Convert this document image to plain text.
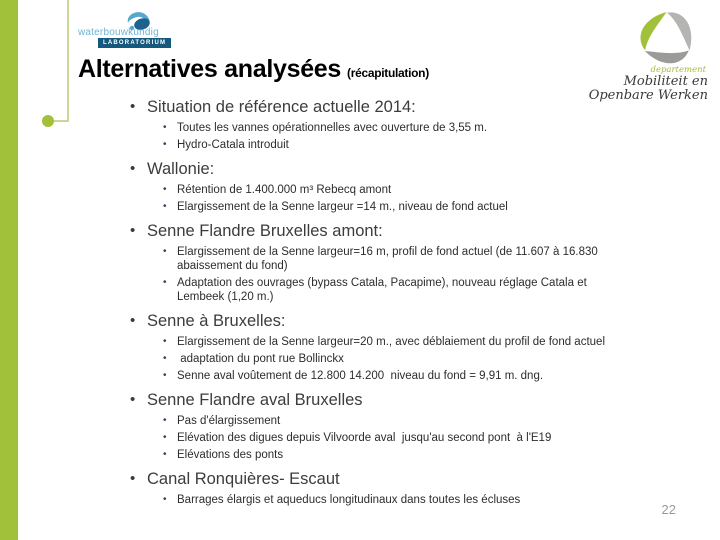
waterbouwkundig
LABORATORIUM
departement
Mobiliteit en
Openbare Werken
Alternatives analysées (récapitulation)
• Situation de référence actuelle 2014:
• Toutes les vannes opérationnelles avec ouverture de 3,55 m.
• Hydro-Catala introduit
• Wallonie:
• Rétention de 1.400.000 m³ Rebecq amont
• Elargissement de la Senne largeur =14 m., niveau de fond actuel
• Senne Flandre Bruxelles amont:
• Elargissement de la Senne largeur=16 m, profil de fond actuel (de 11.607 à 16.830 abaissement du fond)
• Adaptation des ouvrages (bypass Catala, Pacapime), nouveau réglage Catala et Lembeek (1,20 m.)
• Senne à Bruxelles:
• Elargissement de la Senne largeur=20 m., avec déblaiement du profil de fond actuel
• adaptation du pont rue Bollinckx
• Senne aval voûtement de 12.800 14.200  niveau du fond = 9,91 m. dng.
• Senne Flandre aval Bruxelles
• Pas d'élargissement
• Elévation des digues depuis Vilvoorde aval  jusqu'au second pont  à l'E19
• Elévations des ponts
• Canal Ronquières- Escaut
• Barrages élargis et aqueducs longitudinaux dans toutes les écluses
22
